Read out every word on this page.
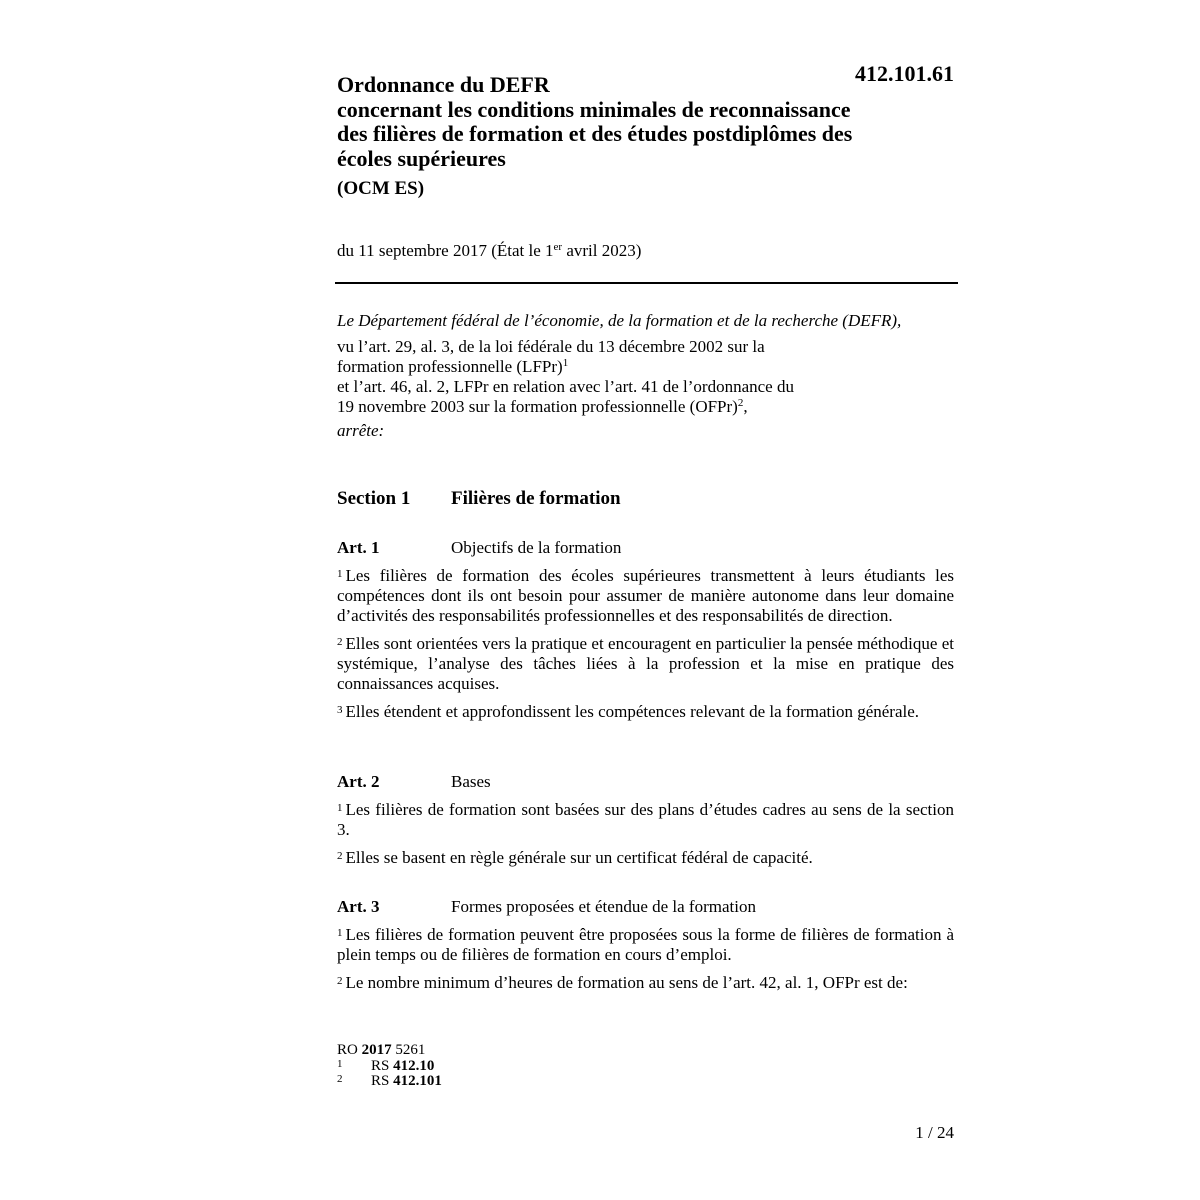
412.101.61
Ordonnance du DEFR
concernant les conditions minimales de reconnaissance
des filières de formation et des études postdiplômes des
écoles supérieures
(OCM ES)
du 11 septembre 2017 (État le 1er avril 2023)
Le Département fédéral de l’économie, de la formation et de la recherche (DEFR),
vu l’art. 29, al. 3, de la loi fédérale du 13 décembre 2002 sur la
formation professionnelle (LFPr)$^1$
et l’art. 46, al. 2, LFPr en relation avec l’art. 41 de l’ordonnance du
19 novembre 2003 sur la formation professionnelle (OFPr)$^2$,
arrête:
Section 1 Filières de formation
Art. 1	Objectifs de la formation
$^1$ Les filières de formation des écoles supérieures transmettent à leurs étudiants les compétences dont ils ont besoin pour assumer de manière autonome dans leur domaine d’activités des responsabilités professionnelles et des responsabilités de direction.
$^2$ Elles sont orientées vers la pratique et encouragent en particulier la pensée méthodique et systémique, l’analyse des tâches liées à la profession et la mise en pratique des connaissances acquises.
$^3$ Elles étendent et approfondissent les compétences relevant de la formation générale.
Art. 2	Bases
$^1$ Les filières de formation sont basées sur des plans d’études cadres au sens de la section 3.
$^2$ Elles se basent en règle générale sur un certificat fédéral de capacité.
Art. 3	Formes proposées et étendue de la formation
$^1$ Les filières de formation peuvent être proposées sous la forme de filières de formation à plein temps ou de filières de formation en cours d’emploi.
$^2$ Le nombre minimum d’heures de formation au sens de l’art. 42, al. 1, OFPr est de:
RO 2017 5261
1 RS 412.10
2 RS 412.101
1 / 24
